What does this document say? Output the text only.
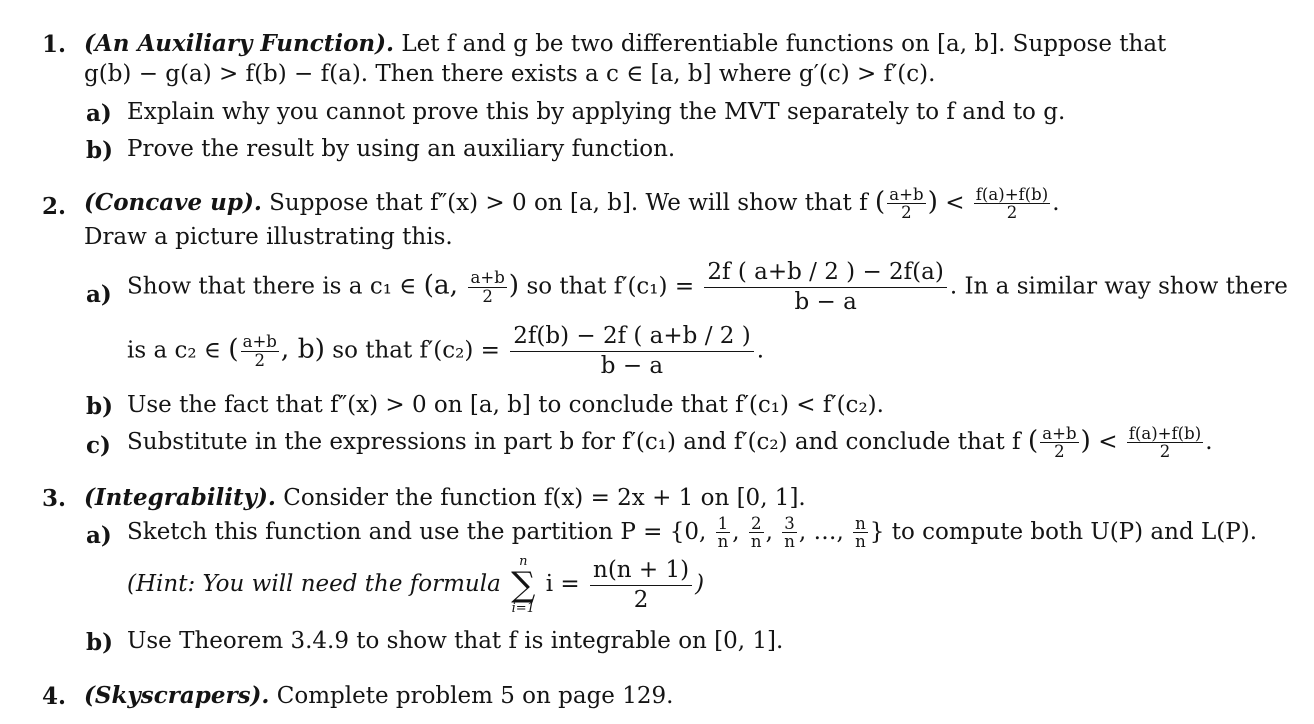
1. (An Auxiliary Function). Let f and g be two differentiable functions on [a, b]. Suppose that
g(b) − g(a) > f(b) − f(a). Then there exists a c ∈ [a, b] where g′(c) > f′(c).
a) Explain why you cannot prove this by applying the MVT separately to f and to g.
b) Prove the result by using an auxiliary function.
2. (Concave up). Suppose that f″(x) > 0 on [a, b]. We will show that f ( $\frac{a+b}{2}$ ) < $\frac{f(a)+f(b)}{2}$ .
Draw a picture illustrating this.
a) Show that there is a c₁ ∈ (a, $\frac{a+b}{2}$ ) so that $f'(c_1) = \frac{2f ( a+b / 2 ) - 2f(a)}{b - a}$ . In a similar way show there
is a c₂ ∈ ( $\frac{a+b}{2}$ , b) so that $f'(c_2) = \frac{2f(b) - 2f ( a+b / 2 )}{b - a}$ .
b) Use the fact that f″(x) > 0 on [a, b] to conclude that f′(c₁) < f′(c₂).
c) Substitute in the expressions in part b for f′(c₁) and f′(c₂) and conclude that f ( $\frac{a+b}{2}$ ) < $\frac{f(a)+f(b)}{2}$ .
3. (Integrability). Consider the function f(x) = 2x + 1 on [0, 1].
a) Sketch this function and use the partition P = {0, $\frac{1}{n}$ , $\frac{2}{n}$ , $\frac{3}{n}$ , …, $\frac{n}{n}$ } to compute both U(P) and L(P).
(Hint: You will need the formula
n
∑
i=1
$i = \frac{n(n + 1)}{2}$ )
b) Use Theorem 3.4.9 to show that f is integrable on [0, 1].
4. (Skyscrapers). Complete problem 5 on page 129.
